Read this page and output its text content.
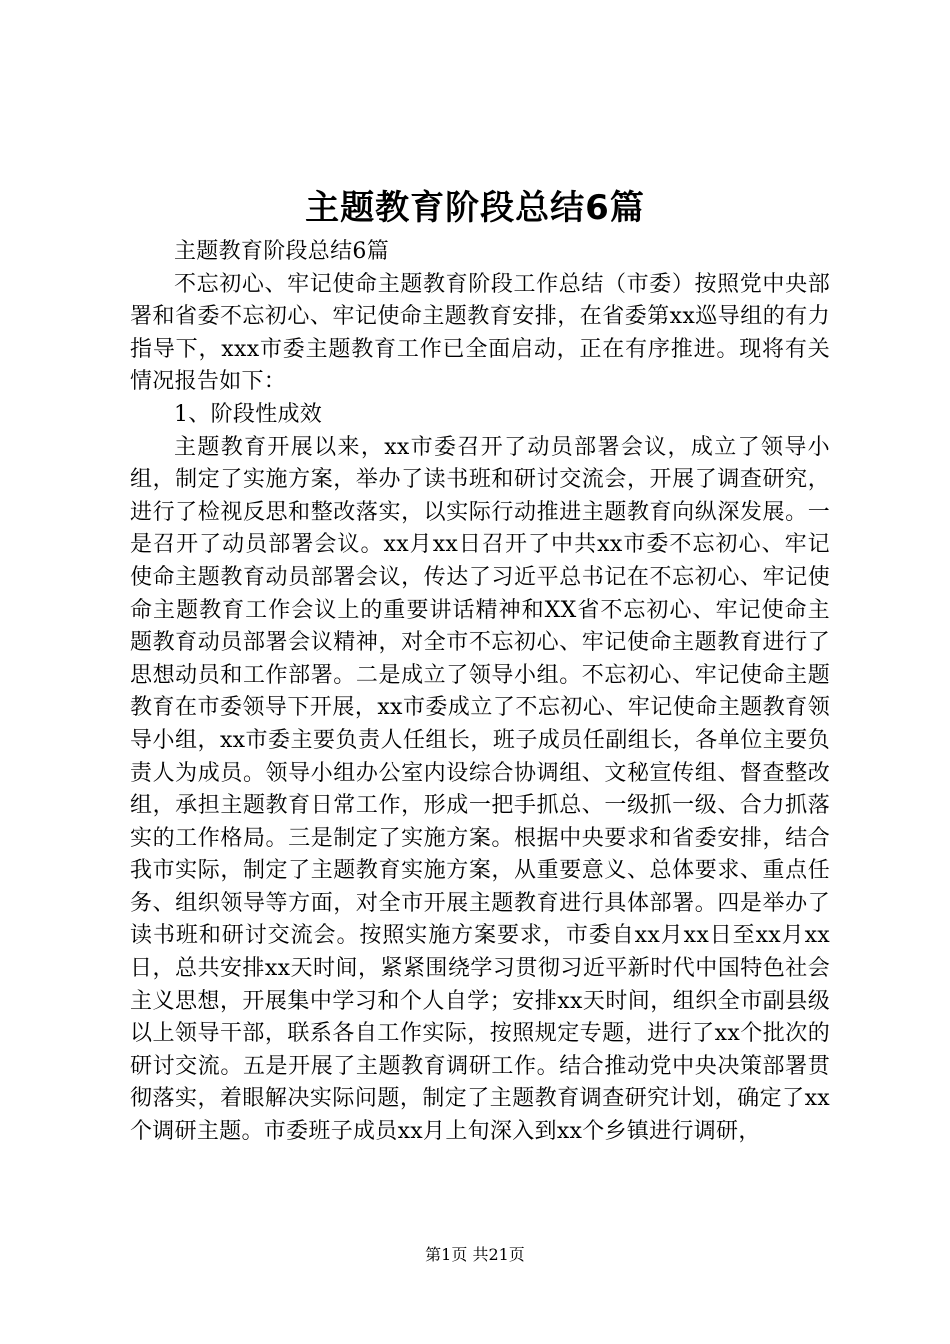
主题教育阶段总结6篇

主题教育阶段总结6篇

不忘初心、牢记使命主题教育阶段工作总结（市委）按照党中央部署和省委不忘初心、牢记使命主题教育安排，在省委第xx巡导组的有力指导下，xxx市委主题教育工作已全面启动，正在有序推进。现将有关情况报告如下：

1、阶段性成效

主题教育开展以来，xx市委召开了动员部署会议，成立了领导小组，制定了实施方案，举办了读书班和研讨交流会，开展了调查研究，进行了检视反思和整改落实，以实际行动推进主题教育向纵深发展。一是召开了动员部署会议。xx月xx日召开了中共xx市委不忘初心、牢记使命主题教育动员部署会议，传达了习近平总书记在不忘初心、牢记使命主题教育工作会议上的重要讲话精神和XX省不忘初心、牢记使命主题教育动员部署会议精神，对全市不忘初心、牢记使命主题教育进行了思想动员和工作部署。二是成立了领导小组。不忘初心、牢记使命主题教育在市委领导下开展，xx市委成立了不忘初心、牢记使命主题教育领导小组，xx市委主要负责人任组长，班子成员任副组长，各单位主要负责人为成员。领导小组办公室内设综合协调组、文秘宣传组、督查整改组，承担主题教育日常工作，形成一把手抓总、一级抓一级、合力抓落实的工作格局。三是制定了实施方案。根据中央要求和省委安排，结合我市实际，制定了主题教育实施方案，从重要意义、总体要求、重点任务、组织领导等方面，对全市开展主题教育进行具体部署。四是举办了读书班和研讨交流会。按照实施方案要求，市委自xx月xx日至xx月xx日，总共安排xx天时间，紧紧围绕学习贯彻习近平新时代中国特色社会主义思想，开展集中学习和个人自学；安排xx天时间，组织全市副县级以上领导干部，联系各自工作实际，按照规定专题，进行了xx个批次的研讨交流。五是开展了主题教育调研工作。结合推动党中央决策部署贯彻落实，着眼解决实际问题，制定了主题教育调查研究计划，确定了xx个调研主题。市委班子成员xx月上旬深入到xx个乡镇进行调研，

第1页 共21页
